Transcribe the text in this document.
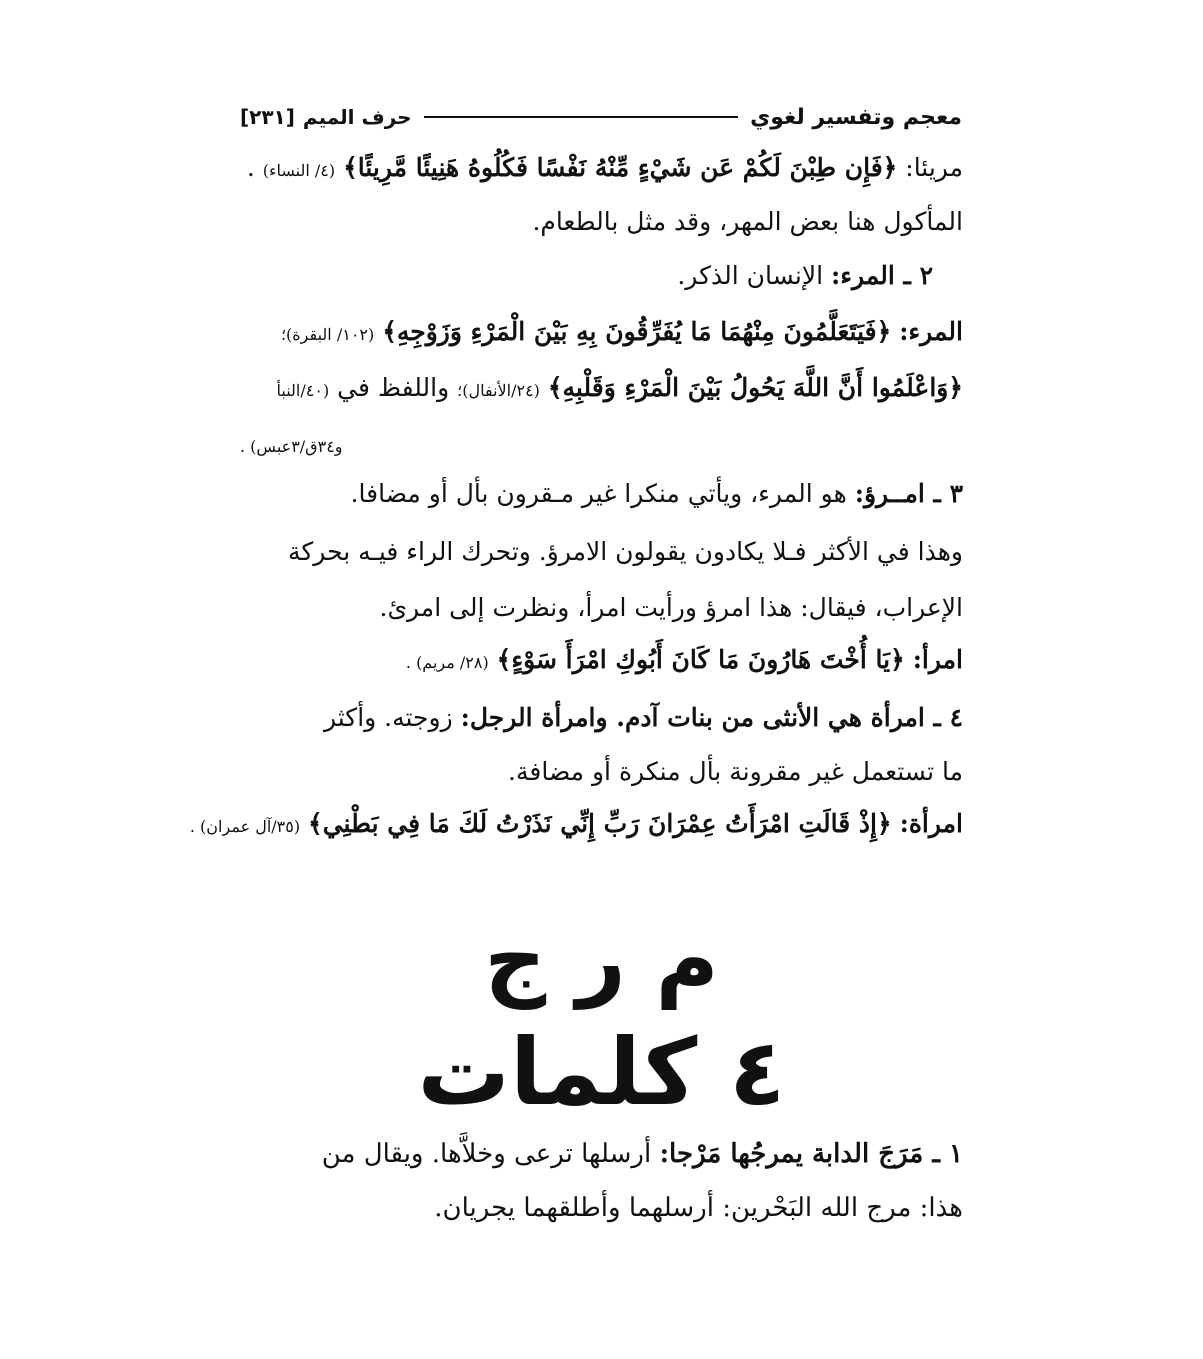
معجم وتفسير لغوي
حرف الميم
[٢٣١]
مريئا: ﴿فَإِن طِبْنَ لَكُمْ عَن شَيْءٍ مِّنْهُ نَفْسًا فَكُلُوهُ هَنِيئًا مَّرِيئًا﴾ (٤/ النساء) .
المأكول هنا بعض المهر، وقد مثل بالطعام.
٢ ـ المرء: الإنسان الذكر.
المرء: ﴿فَيَتَعَلَّمُونَ مِنْهُمَا مَا يُفَرِّقُونَ بِهِ بَيْنَ الْمَرْءِ وَزَوْجِهِ﴾ (١٠٢/ البقرة)؛
﴿وَاعْلَمُوا أَنَّ اللَّهَ يَحُولُ بَيْنَ الْمَرْءِ وَقَلْبِهِ﴾ (٢٤/الأنفال)؛ واللفظ في (٤٠/النبأ
و٣٤ق/٣عبس) .
٣ ـ امــرؤ: هو المرء، ويأتي منكرا غير مـقرون بأل أو مضافا.
وهذا في الأكثر فـلا يكادون يقولون الامرؤ. وتحرك الراء فيـه بحركة
الإعراب، فيقال: هذا امرؤ ورأيت امرأ، ونظرت إلى امرئ.
امرأ: ﴿يَا أُخْتَ هَارُونَ مَا كَانَ أَبُوكِ امْرَأَ سَوْءٍ﴾ (٢٨/ مريم) .
٤ ـ امرأة هي الأنثى من بنات آدم. وامرأة الرجل: زوجته. وأكثر
ما تستعمل غير مقرونة بأل منكرة أو مضافة.
امرأة: ﴿إِذْ قَالَتِ امْرَأَتُ عِمْرَانَ رَبِّ إِنِّي نَذَرْتُ لَكَ مَا فِي بَطْنِي﴾ (٣٥/آل عمران) .
م ر ج
٤ كلمات
١ ـ مَرَجَ الدابة يمرجُها مَرْجا: أرسلها ترعى وخلاَّها. ويقال من
هذا: مرج الله البَحْرين: أرسلهما وأطلقهما يجريان.
